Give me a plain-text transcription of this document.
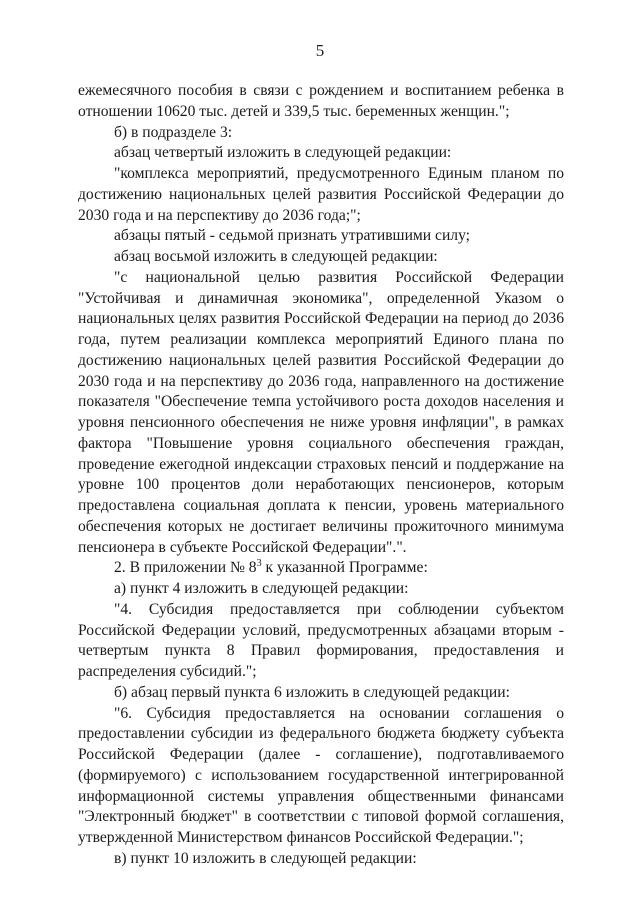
5

ежемесячного пособия в связи с рождением и воспитанием ребенка в отношении 10620 тыс. детей и 339,5 тыс. беременных женщин.";

б) в подразделе 3:

абзац четвертый изложить в следующей редакции:

"комплекса мероприятий, предусмотренного Единым планом по достижению национальных целей развития Российской Федерации до 2030 года и на перспективу до 2036 года;";

абзацы пятый - седьмой признать утратившими силу;

абзац восьмой изложить в следующей редакции:

"с национальной целью развития Российской Федерации "Устойчивая и динамичная экономика", определенной Указом о национальных целях развития Российской Федерации на период до 2036 года, путем реализации комплекса мероприятий Единого плана по достижению национальных целей развития Российской Федерации до 2030 года и на перспективу до 2036 года, направленного на достижение показателя "Обеспечение темпа устойчивого роста доходов населения и уровня пенсионного обеспечения не ниже уровня инфляции", в рамках фактора "Повышение уровня социального обеспечения граждан, проведение ежегодной индексации страховых пенсий и поддержание на уровне 100 процентов доли неработающих пенсионеров, которым предоставлена социальная доплата к пенсии, уровень материального обеспечения которых не достигает величины прожиточного минимума пенсионера в субъекте Российской Федерации".".

2. В приложении № $8^3$ к указанной Программе:

а) пункт 4 изложить в следующей редакции:

"4. Субсидия предоставляется при соблюдении субъектом Российской Федерации условий, предусмотренных абзацами вторым - четвертым пункта 8 Правил формирования, предоставления и распределения субсидий.";

б) абзац первый пункта 6 изложить в следующей редакции:

"6. Субсидия предоставляется на основании соглашения о предоставлении субсидии из федерального бюджета бюджету субъекта Российской Федерации (далее - соглашение), подготавливаемого (формируемого) с использованием государственной интегрированной информационной системы управления общественными финансами "Электронный бюджет" в соответствии с типовой формой соглашения, утвержденной Министерством финансов Российской Федерации.";

в) пункт 10 изложить в следующей редакции:
